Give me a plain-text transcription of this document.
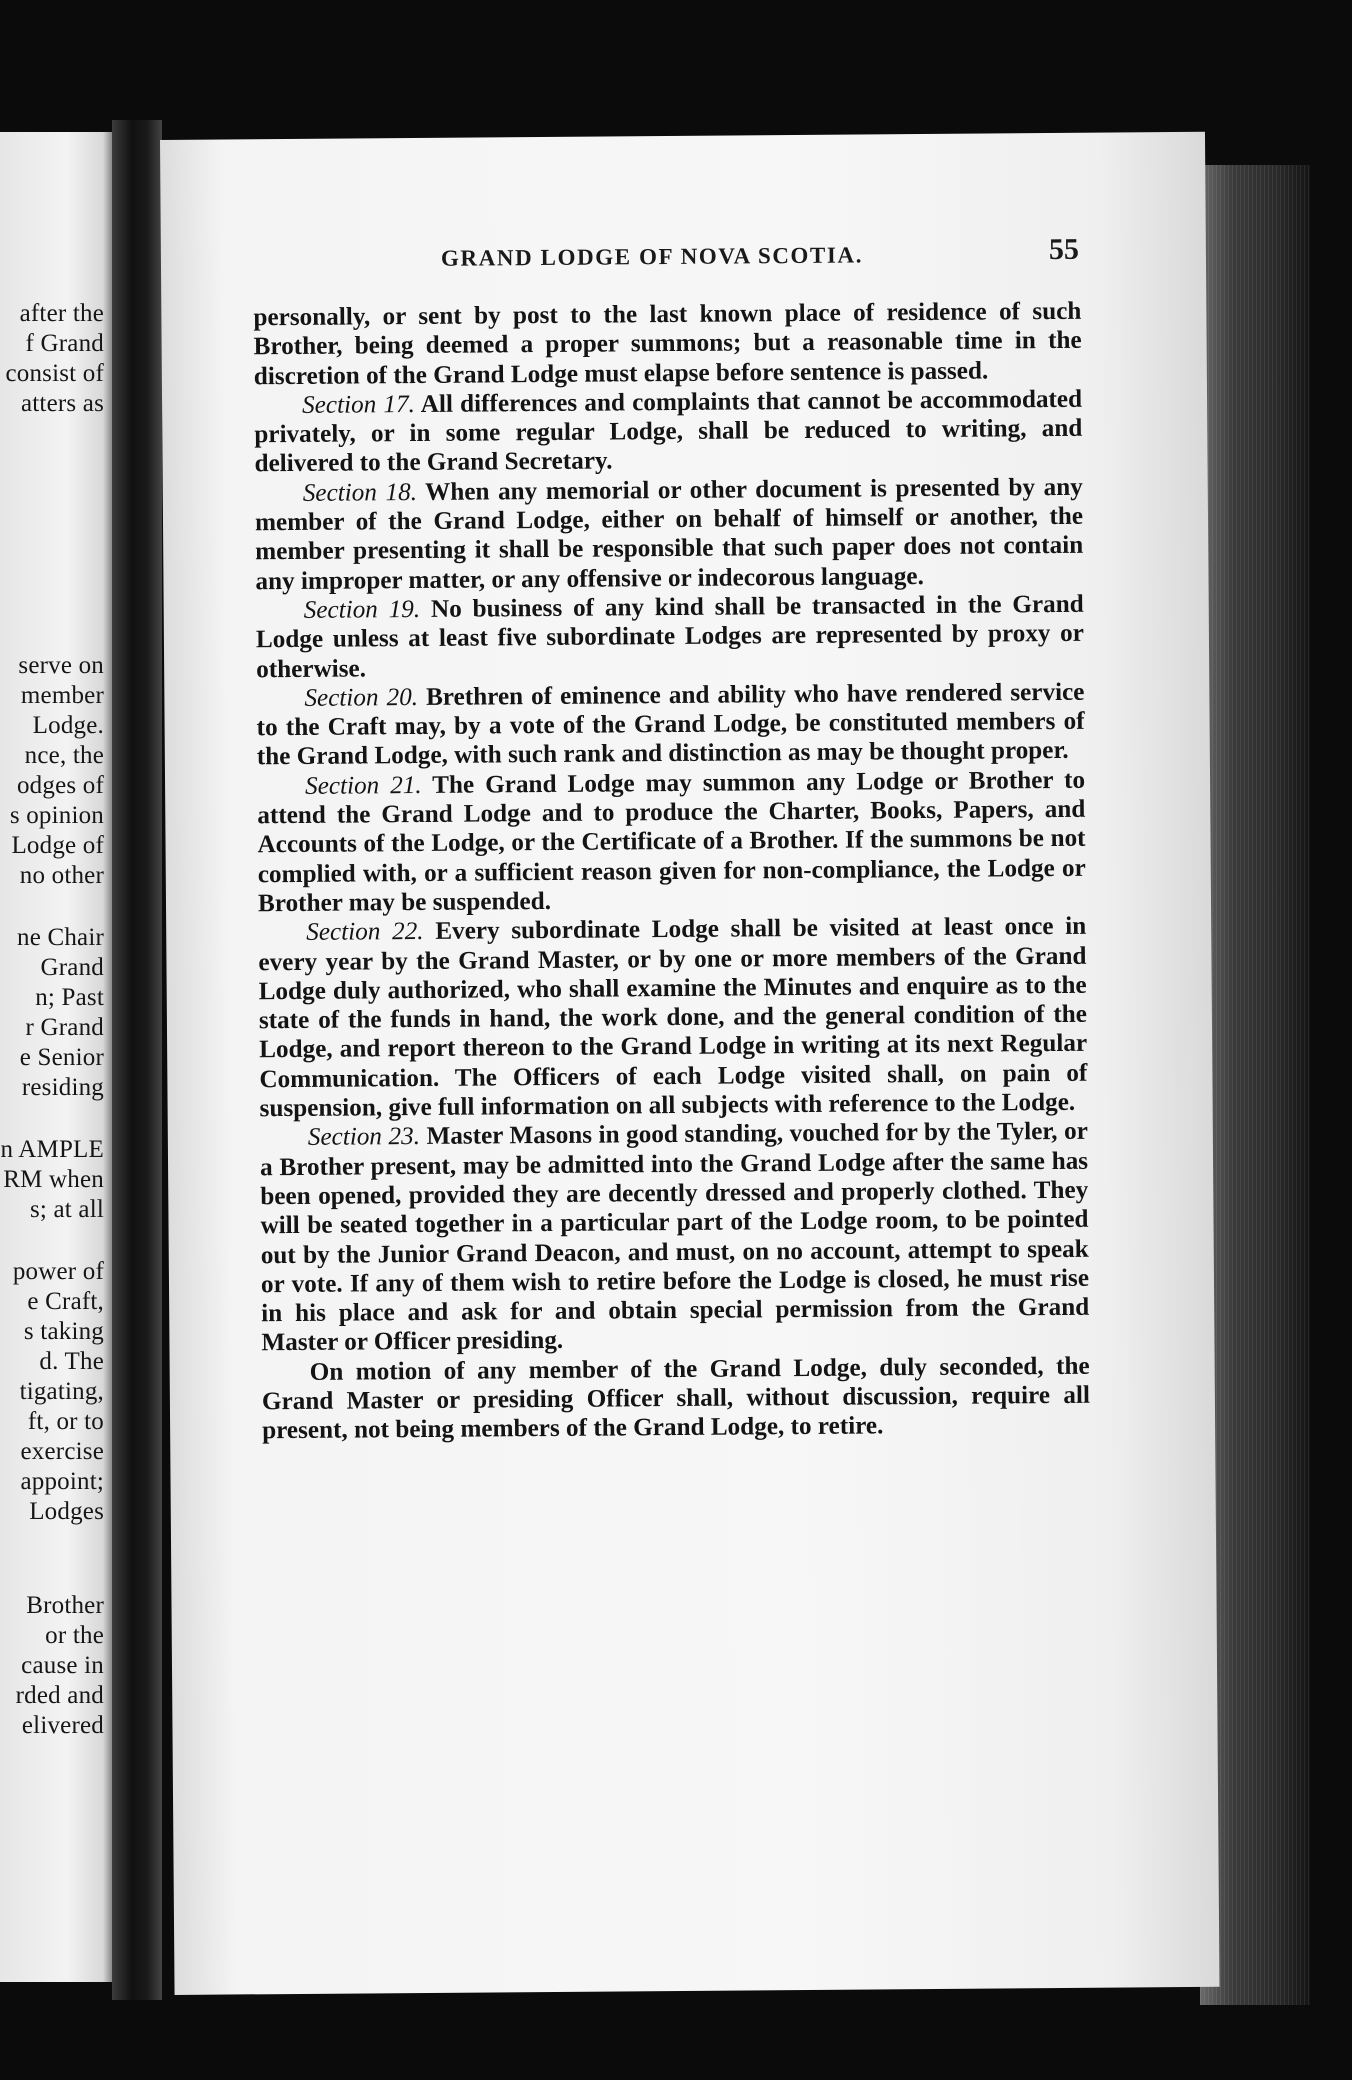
after the
f Grand
consist of
atters as
serve on
member
Lodge.
nce, the
odges of
s opinion
Lodge of
no other
ne Chair
Grand
n; Past
r Grand
e Senior
residing
n AMPLE
RM when
s; at all
power of
e Craft,
s taking
d. The
tigating,
ft, or to
exercise
appoint;
Lodges
Brother
or the
cause in
rded and
elivered
GRAND LODGE OF NOVA SCOTIA.	55

personally, or sent by post to the last known place of residence of such Brother, being deemed a proper summons; but a reasonable time in the discretion of the Grand Lodge must elapse before sentence is passed.

Section 17. All differences and complaints that cannot be accommodated privately, or in some regular Lodge, shall be reduced to writing, and delivered to the Grand Secretary.

Section 18. When any memorial or other document is presented by any member of the Grand Lodge, either on behalf of himself or another, the member presenting it shall be responsible that such paper does not contain any improper matter, or any offensive or indecorous language.

Section 19. No business of any kind shall be transacted in the Grand Lodge unless at least five subordinate Lodges are represented by proxy or otherwise.

Section 20. Brethren of eminence and ability who have rendered service to the Craft may, by a vote of the Grand Lodge, be constituted members of the Grand Lodge, with such rank and distinction as may be thought proper.

Section 21. The Grand Lodge may summon any Lodge or Brother to attend the Grand Lodge and to produce the Charter, Books, Papers, and Accounts of the Lodge, or the Certificate of a Brother. If the summons be not complied with, or a sufficient reason given for non-compliance, the Lodge or Brother may be suspended.

Section 22. Every subordinate Lodge shall be visited at least once in every year by the Grand Master, or by one or more members of the Grand Lodge duly authorized, who shall examine the Minutes and enquire as to the state of the funds in hand, the work done, and the general condition of the Lodge, and report thereon to the Grand Lodge in writing at its next Regular Communication. The Officers of each Lodge visited shall, on pain of suspension, give full information on all subjects with reference to the Lodge.

Section 23. Master Masons in good standing, vouched for by the Tyler, or a Brother present, may be admitted into the Grand Lodge after the same has been opened, provided they are decently dressed and properly clothed. They will be seated together in a particular part of the Lodge room, to be pointed out by the Junior Grand Deacon, and must, on no account, attempt to speak or vote. If any of them wish to retire before the Lodge is closed, he must rise in his place and ask for and obtain special permission from the Grand Master or Officer presiding.

On motion of any member of the Grand Lodge, duly seconded, the Grand Master or presiding Officer shall, without discussion, require all present, not being members of the Grand Lodge, to retire.
